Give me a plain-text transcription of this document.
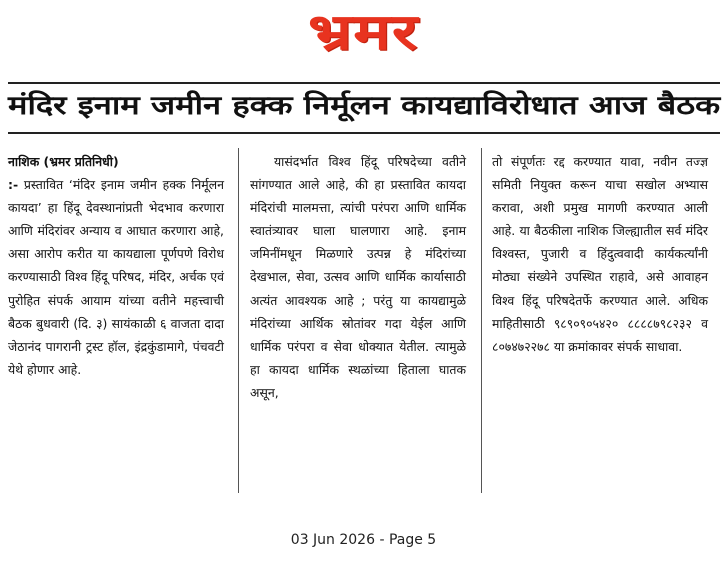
भ्रमर
मंदिर इनाम जमीन हक्क निर्मूलन कायद्याविरोधात आज बैठक
नाशिक (भ्रमर प्रतिनिधी)

:- प्रस्तावित ‘मंदिर इनाम जमीन हक्क निर्मूलन कायदा’ हा हिंदू देवस्थानांप्रती भेदभाव करणारा आणि मंदिरांवर अन्याय व आघात करणारा आहे, असा आरोप करीत या कायद्याला पूर्णपणे विरोध करण्यासाठी विश्व हिंदू परिषद, मंदिर, अर्चक एवं पुरोहित संपर्क आयाम यांच्या वतीने महत्त्वाची बैठक बुधवारी (दि. ३) सायंकाळी ६ वाजता दादा जेठानंद पागरानी ट्रस्ट हॉल, इंद्रकुंडामागे, पंचवटी येथे होणार आहे.

यासंदर्भात विश्व हिंदू परिषदेच्या वतीने सांगण्यात आले आहे, की हा प्रस्तावित कायदा मंदिरांची मालमत्ता, त्यांची परंपरा आणि धार्मिक स्वातंत्र्यावर घाला घालणारा आहे. इनाम जमिनींमधून मिळणारे उत्पन्न हे मंदिरांच्या देखभाल, सेवा, उत्सव आणि धार्मिक कार्यासाठी अत्यंत आवश्यक आहे ; परंतु या कायद्यामुळे मंदिरांच्या आर्थिक स्रोतांवर गदा येईल आणि धार्मिक परंपरा व सेवा धोक्यात येतील. त्यामुळे हा कायदा धार्मिक स्थळांच्या हिताला घातक असून,

तो संपूर्णतः रद्द करण्यात यावा, नवीन तज्ज्ञ समिती नियुक्त करून याचा सखोल अभ्यास करावा, अशी प्रमुख मागणी करण्यात आली आहे. या बैठकीला नाशिक जिल्ह्यातील सर्व मंदिर विश्वस्त, पुजारी व हिंदुत्ववादी कार्यकर्त्यांनी मोठ्या संख्येने उपस्थित राहावे, असे आवाहन विश्व हिंदू परिषदेतर्फे करण्यात आले. अधिक माहितीसाठी ९८९०९०५४२० ८८८८७९८२३२ व ८०७४७२२७८ या क्रमांकावर संपर्क साधावा.

03 Jun 2026 - Page 5
